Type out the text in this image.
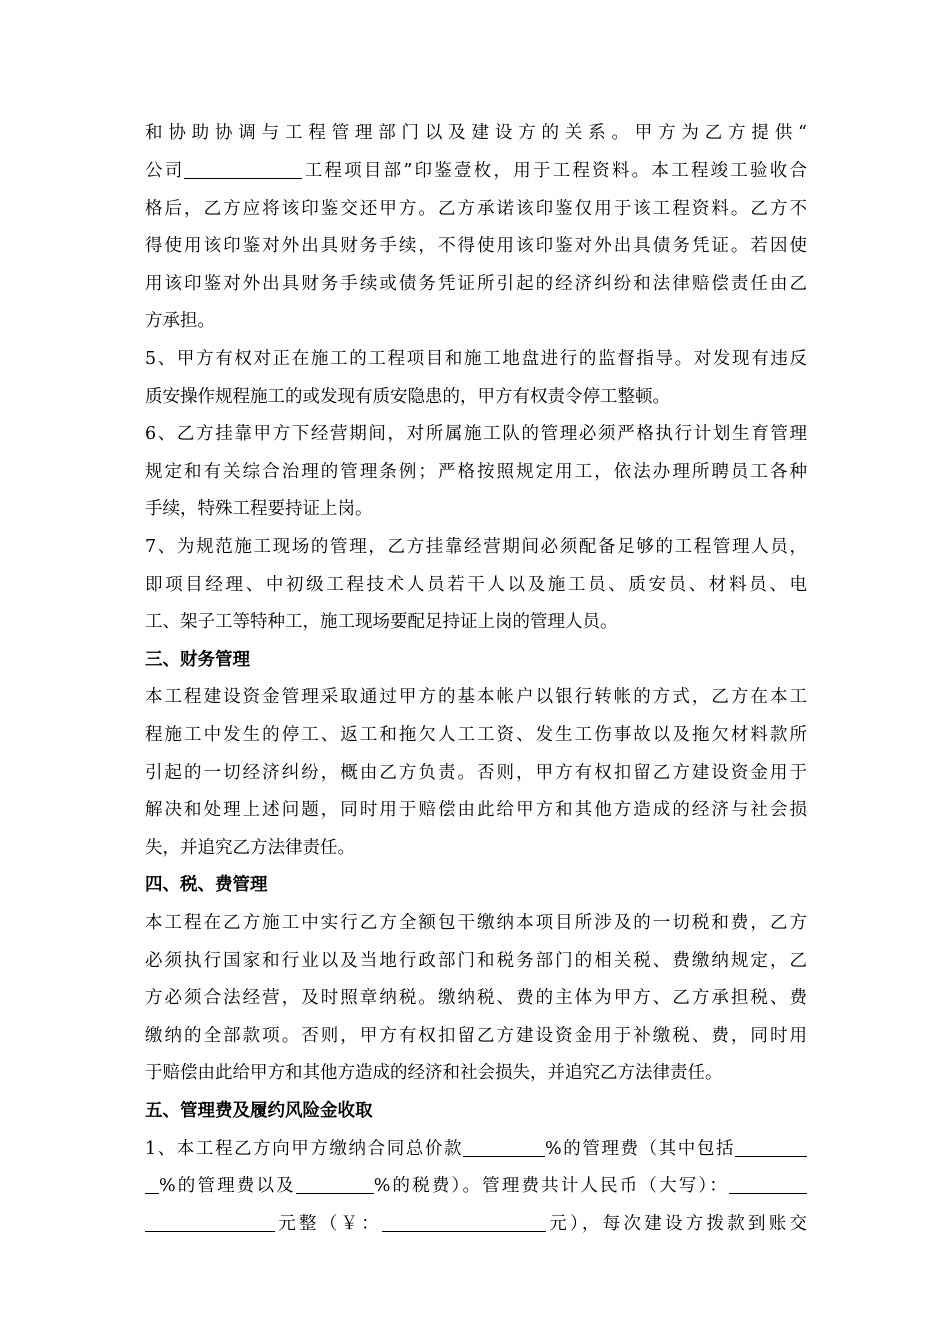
和协助协调与工程管理部门以及建设方的关系。甲方为乙方提供“
公司	工程项目部”印鉴壹枚，用于工程资料。本工程竣工验收合
格后，乙方应将该印鉴交还甲方。乙方承诺该印鉴仅用于该工程资料。乙方不
得使用该印鉴对外出具财务手续，不得使用该印鉴对外出具债务凭证。若因使
用该印鉴对外出具财务手续或债务凭证所引起的经济纠纷和法律赔偿责任由乙
方承担。
5、甲方有权对正在施工的工程项目和施工地盘进行的监督指导。对发现有违反
质安操作规程施工的或发现有质安隐患的，甲方有权责令停工整顿。
6、乙方挂靠甲方下经营期间，对所属施工队的管理必须严格执行计划生育管理
规定和有关综合治理的管理条例；严格按照规定用工，依法办理所聘员工各种
手续，特殊工程要持证上岗。
7、为规范施工现场的管理，乙方挂靠经营期间必须配备足够的工程管理人员，
即项目经理、中初级工程技术人员若干人以及施工员、质安员、材料员、电
工、架子工等特种工，施工现场要配足持证上岗的管理人员。
三、财务管理
本工程建设资金管理采取通过甲方的基本帐户以银行转帐的方式，乙方在本工
程施工中发生的停工、返工和拖欠人工工资、发生工伤事故以及拖欠材料款所
引起的一切经济纠纷，概由乙方负责。否则，甲方有权扣留乙方建设资金用于
解决和处理上述问题，同时用于赔偿由此给甲方和其他方造成的经济与社会损
失，并追究乙方法律责任。
四、税、费管理
本工程在乙方施工中实行乙方全额包干缴纳本项目所涉及的一切税和费，乙方
必须执行国家和行业以及当地行政部门和税务部门的相关税、费缴纳规定，乙
方必须合法经营，及时照章纳税。缴纳税、费的主体为甲方、乙方承担税、费
缴纳的全部款项。否则，甲方有权扣留乙方建设资金用于补缴税、费，同时用
于赔偿由此给甲方和其他方造成的经济和社会损失，并追究乙方法律责任。
五、管理费及履约风险金收取
1、本工程乙方向甲方缴纳合同总价款	%的管理费（其中包括
%的管理费以及	%的税费）。管理费共计人民币（大写）：
元整（￥：	元），每次建设方拨款到账交
